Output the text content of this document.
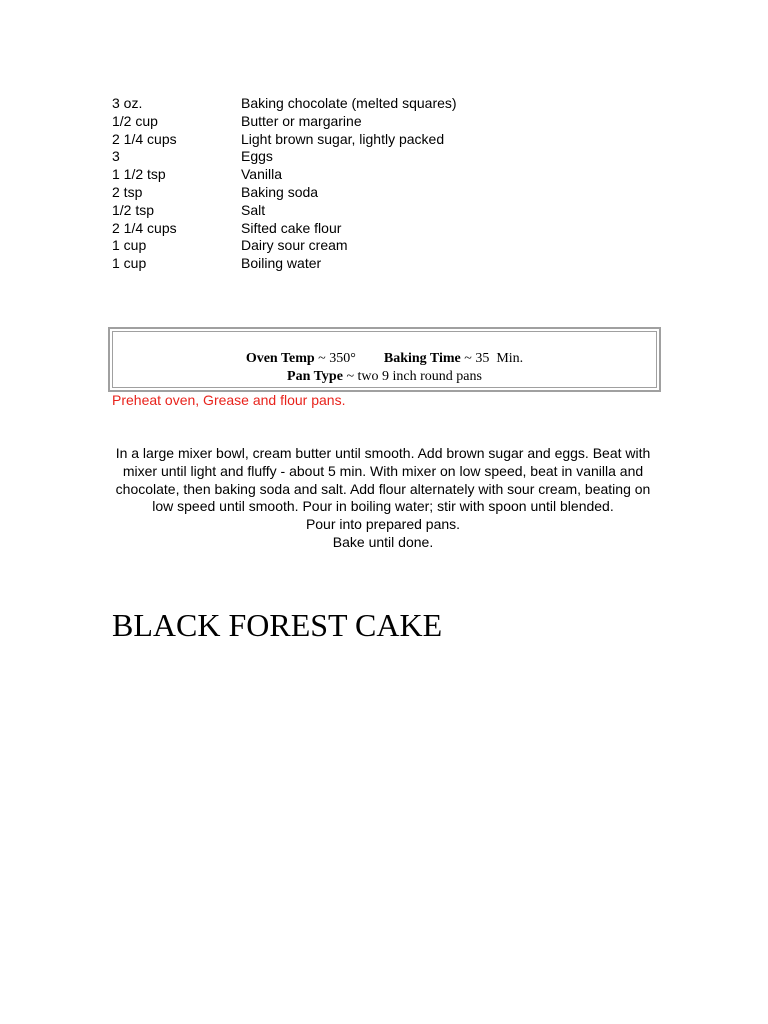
3 oz.	Baking chocolate (melted squares)
1/2 cup	Butter or margarine
2 1/4 cups	Light brown sugar, lightly packed
3	Eggs
1 1/2 tsp	Vanilla
2 tsp	Baking soda
1/2 tsp	Salt
2 1/4 cups	Sifted cake flour
1 cup	Dairy sour cream
1 cup	Boiling water
Oven Temp ~ 350° Baking Time ~ 35  Min.
Pan Type ~ two 9 inch round pans
Preheat oven, Grease and flour pans.

In a large mixer bowl, cream butter until smooth. Add brown sugar and eggs. Beat with mixer until light and fluffy - about 5 min. With mixer on low speed, beat in vanilla and chocolate, then baking soda and salt. Add flour alternately with sour cream, beating on low speed until smooth. Pour in boiling water; stir with spoon until blended.

Pour into prepared pans.

Bake until done.

BLACK FOREST CAKE
